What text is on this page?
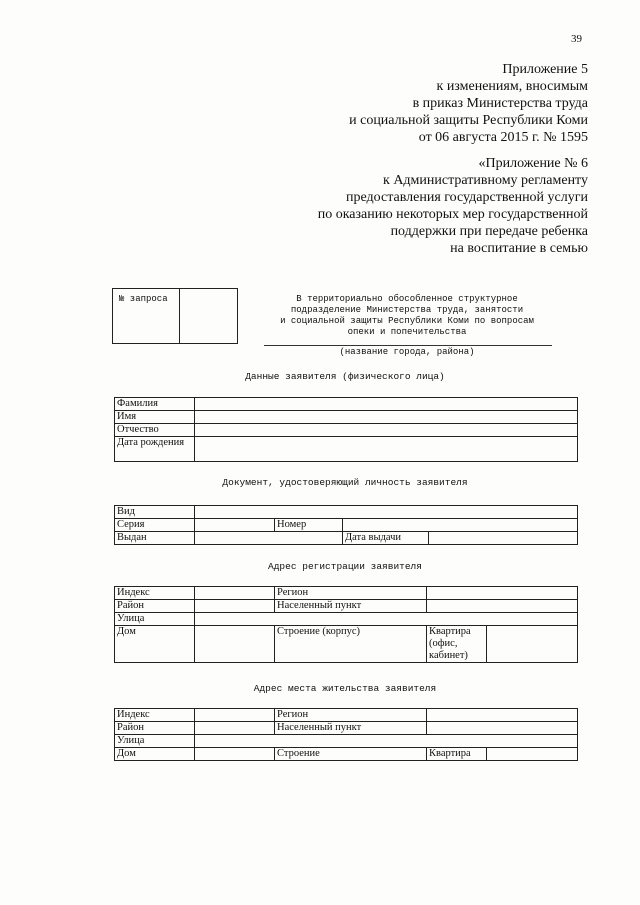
39
Приложение 5
к изменениям, вносимым
в приказ Министерства труда
и социальной защиты Республики Коми
от 06 августа 2015 г. № 1595
«Приложение № 6
к Административному регламенту
предоставления государственной услуги
по оказанию некоторых мер государственной
поддержки при передаче ребенка
на воспитание в семью
№ запроса	В территориально обособленное структурное
подразделение Министерства труда, занятости
и социальной защиты Республики Коми по вопросам
опеки и попечительства
(название города, района)
Данные заявителя (физического лица)
Фамилия	
Имя	
Отчество	
Дата рождения	
Документ, удостоверяющий личность заявителя
Вид				
Серия		Номер		
Выдан			Дата выдачи	
Адрес регистрации заявителя
Индекс		Регион		
Район		Населенный пункт		
Улица				
Дом		Строение (корпус)	Квартира (офис, кабинет)	
Адрес места жительства заявителя
Индекс		Регион		
Район		Населенный пункт		
Улица				
Дом		Строение	Квартира	
